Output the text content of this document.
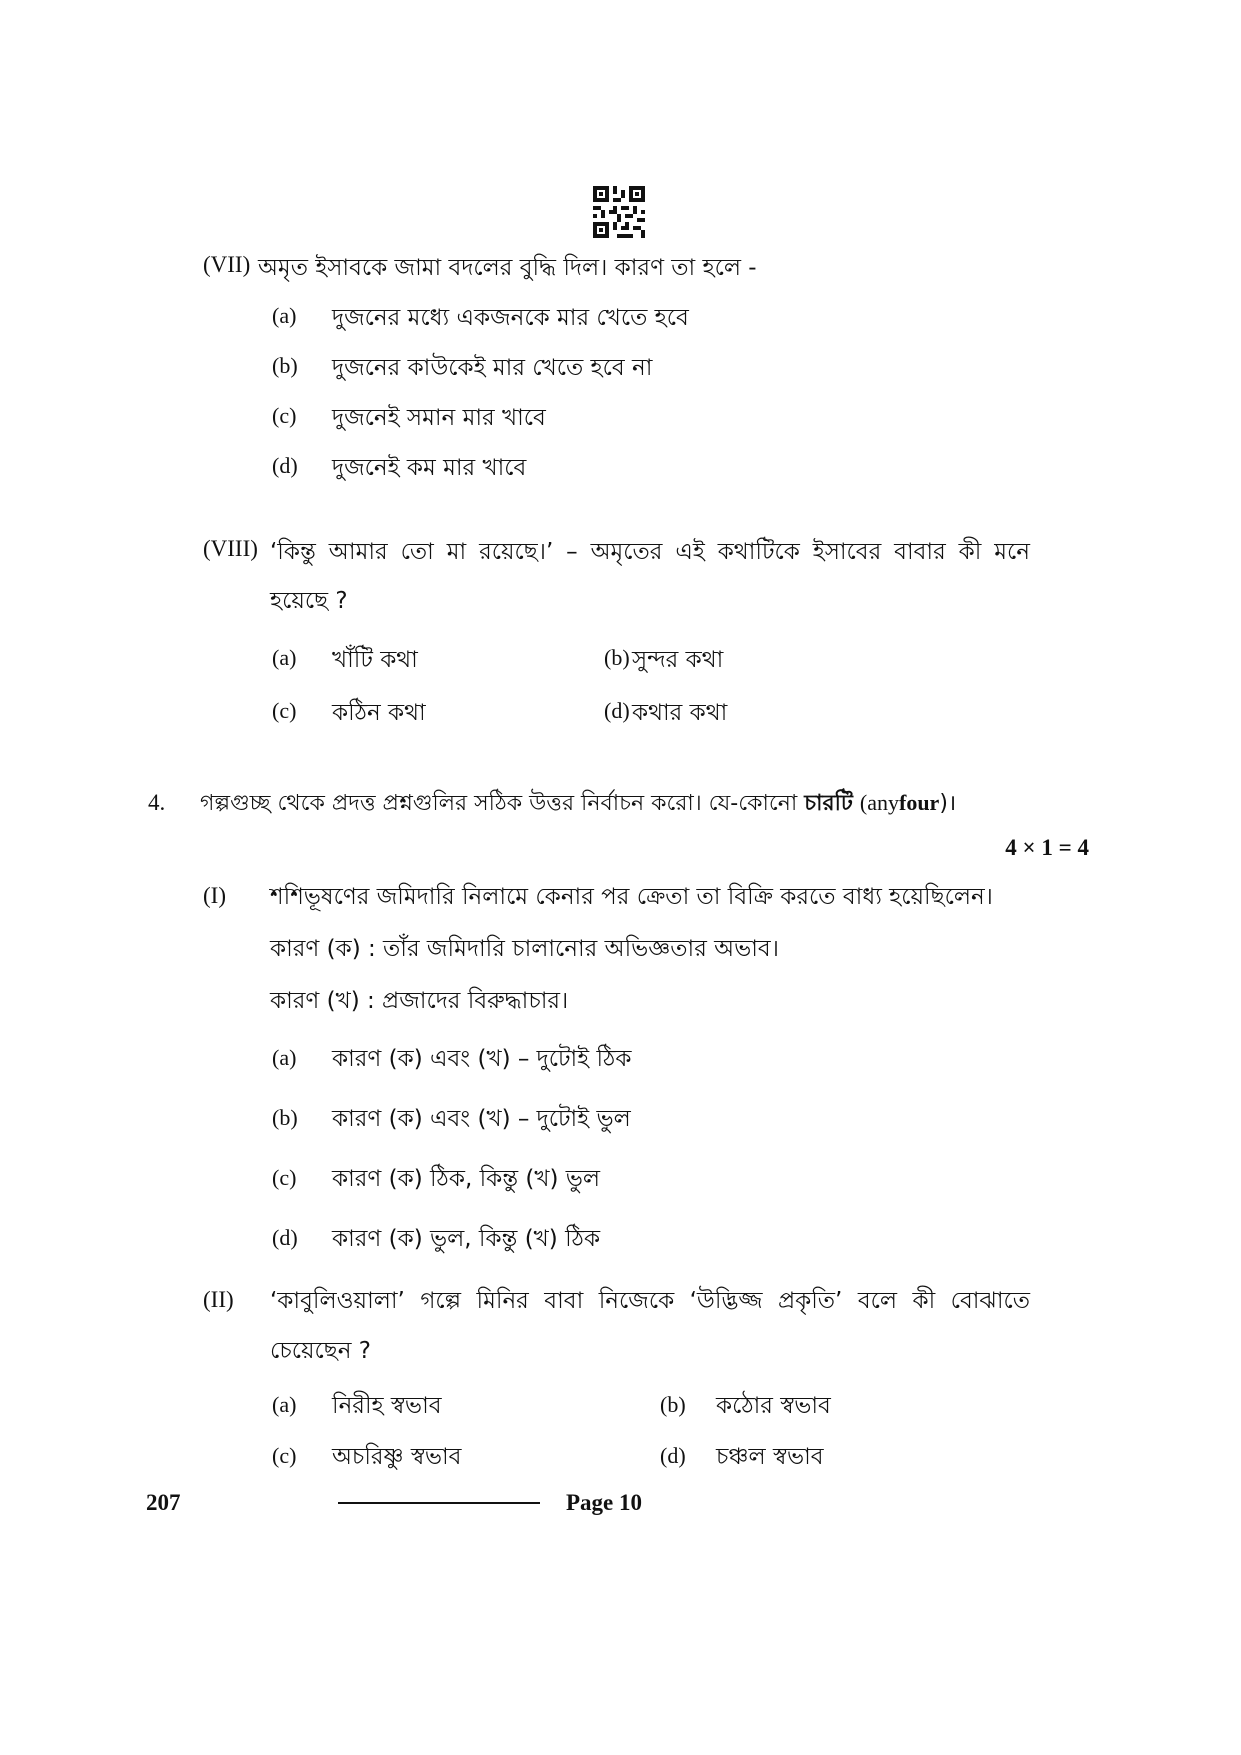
(VII) অমৃত ইসাবকে জামা বদলের বুদ্ধি দিল। কারণ তা হলে -
(a) দুজনের মধ্যে একজনকে মার খেতে হবে
(b) দুজনের কাউকেই মার খেতে হবে না
(c) দুজনেই সমান মার খাবে
(d) দুজনেই কম মার খাবে
(VIII) ‘কিন্তু আমার তো মা রয়েছে।’ – অমৃতের এই কথাটিকে ইসাবের বাবার কী মনে
হয়েছে ?
(a) খাঁটি কথা	(b) সুন্দর কথা
(c) কঠিন কথা	(d) কথার কথা
4. গল্পগুচ্ছ থেকে প্রদত্ত প্রশ্নগুলির সঠিক উত্তর নির্বাচন করো। যে-কোনো চারটি (anyfour)।
4 × 1 = 4
(I) শশিভূষণের জমিদারি নিলামে কেনার পর ক্রেতা তা বিক্রি করতে বাধ্য হয়েছিলেন।
কারণ (ক) : তাঁর জমিদারি চালানোর অভিজ্ঞতার অভাব।
কারণ (খ) : প্রজাদের বিরুদ্ধাচার।
(a) কারণ (ক) এবং (খ) – দুটোই ঠিক
(b) কারণ (ক) এবং (খ) – দুটোই ভুল
(c) কারণ (ক) ঠিক, কিন্তু (খ) ভুল
(d) কারণ (ক) ভুল, কিন্তু (খ) ঠিক
(II) ‘কাবুলিওয়ালা’ গল্পে মিনির বাবা নিজেকে ‘উদ্ভিজ্জ প্রকৃতি’ বলে কী বোঝাতে
চেয়েছেন ?
(a) নিরীহ স্বভাব	(b) কঠোর স্বভাব
(c) অচরিষ্ণু স্বভাব	(d) চঞ্চল স্বভাব
207	Page 10
